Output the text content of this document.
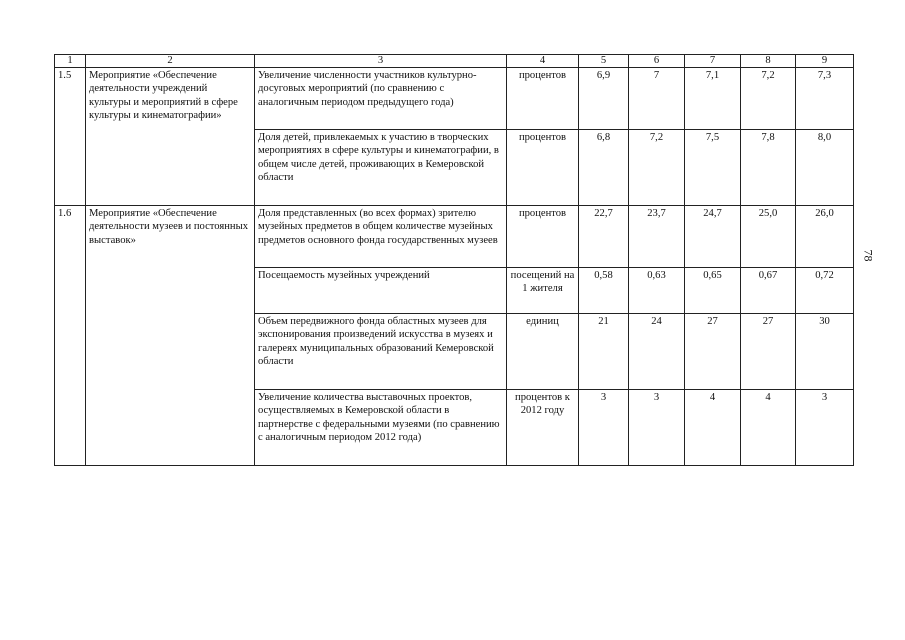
1	2	3	4	5	6	7	8	9
1.5	Мероприятие «Обеспечение деятельности учреждений культуры и мероприятий в сфере культуры и кинематографии»	Увеличение численности участников культурно-досуговых мероприятий (по сравнению с аналогичным периодом предыдущего года)	процентов	6,9	7	7,1	7,2	7,3
		Доля детей, привлекаемых к участию в творческих мероприятиях в сфере культуры и кинематографии, в общем числе детей, проживающих в Кемеровской области	процентов	6,8	7,2	7,5	7,8	8,0
1.6	Мероприятие «Обеспечение деятельности музеев и постоянных выставок»	Доля представленных (во всех формах) зрителю музейных предметов в общем количестве музейных предметов основного фонда государственных музеев	процентов	22,7	23,7	24,7	25,0	26,0
		Посещаемость музейных учреждений	посещений на 1 жителя	0,58	0,63	0,65	0,67	0,72
		Объем передвижного фонда областных музеев для экспонирования произведений искусства в музеях и галереях муниципальных образований Кемеровской области	единиц	21	24	27	27	30
		Увеличение количества выставочных проектов, осуществляемых в Кемеровской области в партнерстве с федеральными музеями (по сравнению с аналогичным периодом 2012 года)	процентов к 2012 году	3	3	4	4	3
78
